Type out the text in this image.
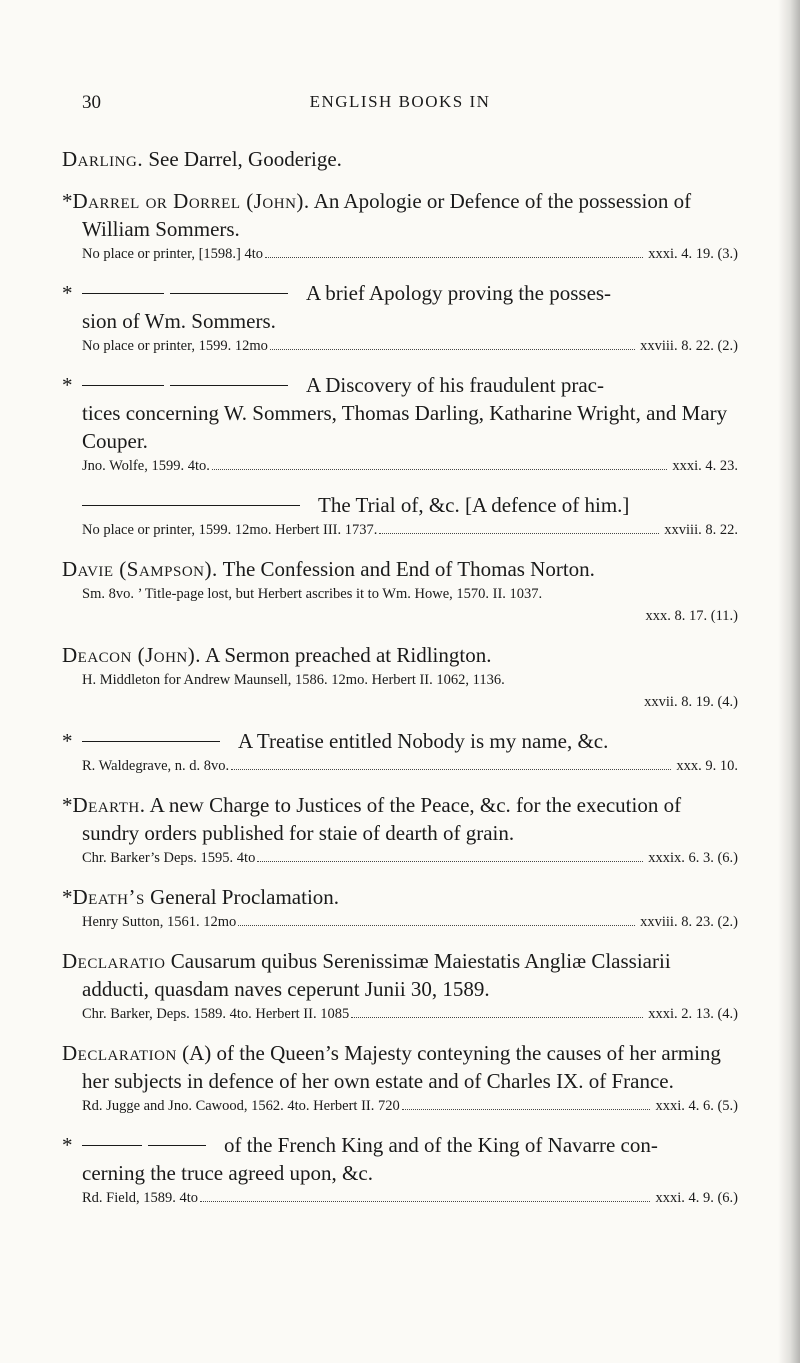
30	ENGLISH BOOKS IN
Darling. See Darrel, Gooderige.
*Darrel or Dorrel (John). An Apologie or Defence of the possession of William Sommers.
No place or printer, [1598.] 4to	xxxi. 4. 19. (3.)
*	A brief Apology proving the posses-
sion of Wm. Sommers.
No place or printer, 1599. 12mo	xxviii. 8. 22. (2.)
*	A Discovery of his fraudulent prac-
tices concerning W. Sommers, Thomas Darling, Katharine Wright, and Mary Couper.
Jno. Wolfe, 1599. 4to.	xxxi. 4. 23.
The Trial of, &c. [A defence of him.]
No place or printer, 1599. 12mo. Herbert III. 1737.	xxviii. 8. 22.
Davie (Sampson). The Confession and End of Thomas Norton.
Sm. 8vo. ’ Title-page lost, but Herbert ascribes it to Wm. Howe, 1570. II. 1037.
xxx. 8. 17. (11.)
Deacon (John). A Sermon preached at Ridlington.
H. Middleton for Andrew Maunsell, 1586. 12mo. Herbert II. 1062, 1136.
xxvii. 8. 19. (4.)
*	A Treatise entitled Nobody is my name, &c.
R. Waldegrave, n. d. 8vo.	xxx. 9. 10.
*Dearth. A new Charge to Justices of the Peace, &c. for the execution of sundry orders published for staie of dearth of grain.
Chr. Barker’s Deps. 1595. 4to	xxxix. 6. 3. (6.)
*Death’s General Proclamation.
Henry Sutton, 1561. 12mo	xxviii. 8. 23. (2.)
Declaratio Causarum quibus Serenissimæ Maiestatis Angliæ Classiarii adducti, quasdam naves ceperunt Junii 30, 1589.
Chr. Barker, Deps. 1589. 4to. Herbert II. 1085	xxxi. 2. 13. (4.)
Declaration (A) of the Queen’s Majesty conteyning the causes of her arming her subjects in defence of her own estate and of Charles IX. of France.
Rd. Jugge and Jno. Cawood, 1562. 4to. Herbert II. 720	xxxi. 4. 6. (5.)
*	of the French King and of the King of Navarre con-
cerning the truce agreed upon, &c.
Rd. Field, 1589. 4to	xxxi. 4. 9. (6.)
